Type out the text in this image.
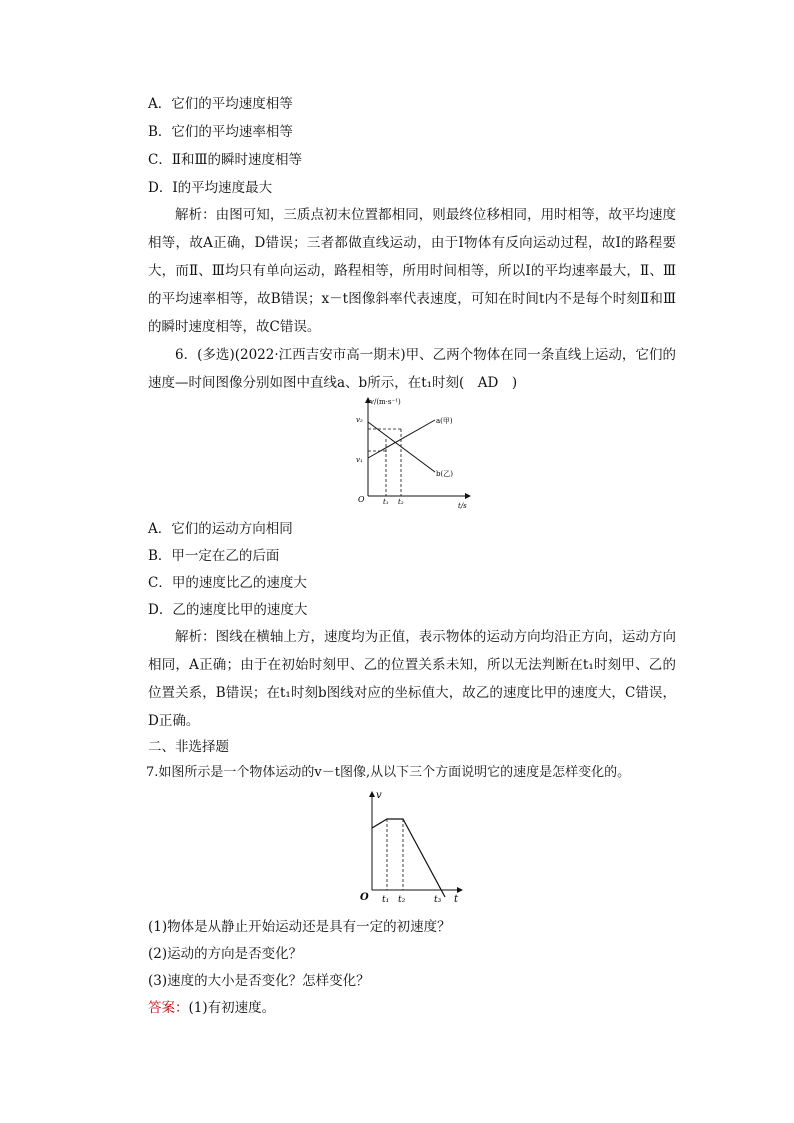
A．它们的平均速度相等
B．它们的平均速率相等
C．Ⅱ和Ⅲ的瞬时速度相等
D．Ⅰ的平均速度最大
解析：由图可知，三质点初末位置都相同，则最终位移相同，用时相等，故平均速度相等，故A正确，D错误；三者都做直线运动，由于Ⅰ物体有反向运动过程，故Ⅰ的路程要大，而Ⅱ、Ⅲ均只有单向运动，路程相等，所用时间相等，所以Ⅰ的平均速率最大，Ⅱ、Ⅲ的平均速率相等，故B错误；x－t图像斜率代表速度，可知在时间t内不是每个时刻Ⅱ和Ⅲ的瞬时速度相等，故C错误。
6．(多选)(2022·江西吉安市高一期末)甲、乙两个物体在同一条直线上运动，它们的速度—时间图像分别如图中直线a、b所示，在t₁时刻(　AD　)
v/(m·s⁻¹)
v₂
v₁
O	t₁ t₂	t/s
a(甲)
b(乙)
A．它们的运动方向相同
B．甲一定在乙的后面
C．甲的速度比乙的速度大
D．乙的速度比甲的速度大
解析：图线在横轴上方，速度均为正值，表示物体的运动方向均沿正方向，运动方向相同，A正确；由于在初始时刻甲、乙的位置关系未知，所以无法判断在t₁时刻甲、乙的位置关系，B错误；在t₁时刻b图线对应的坐标值大，故乙的速度比甲的速度大，C错误，D正确。
二、非选择题
7.如图所示是一个物体运动的v－t图像,从以下三个方面说明它的速度是怎样变化的。
v
O t₁ t₂	t₃ t
(1)物体是从静止开始运动还是具有一定的初速度？
(2)运动的方向是否变化？
(3)速度的大小是否变化？怎样变化？
答案：(1)有初速度。
